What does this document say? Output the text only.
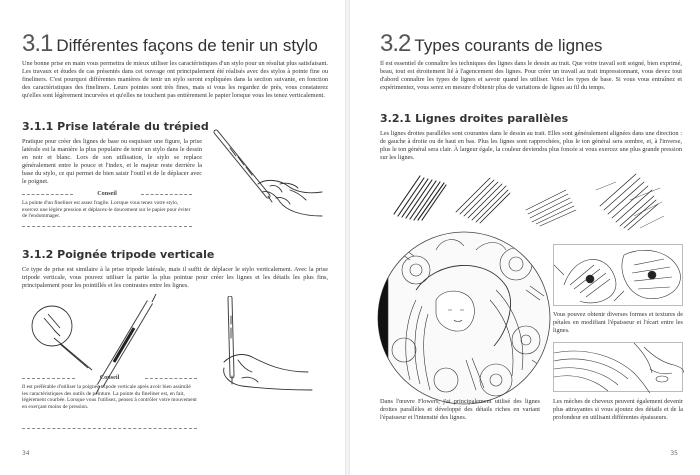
3.1 Différentes façons de tenir un stylo
Une bonne prise en main vous permettra de mieux utiliser les caractéristiques d'un stylo pour un résultat plus satisfaisant. Les travaux et études de cas présentés dans cet ouvrage ont principalement été réalisés avec des stylos à pointe fine ou fineliners. C'est pourquoi différentes manières de tenir un stylo seront expliquées dans la section suivante, en fonction des caractéristiques des fineliners. Leurs pointes sont très fines, mais si vous les regardez de près, vous constaterez qu'elles sont légèrement incurvées et qu'elles ne touchent pas entièrement le papier lorsque vous les tenez verticalement.
3.1.1 Prise latérale du trépied
Pratique pour créer des lignes de base ou esquisser une figure, la prise latérale est la manière la plus populaire de tenir un stylo dans le dessin en noir et blanc. Lors de son utilisation, le stylo se replace généralement entre le pouce et l'index, et le majeur reste derrière la base du stylo, ce qui permet de bien saisir l'outil et de le déplacer avec le poignet.
Conseil
La pointe d'un fineliner est assez fragile. Lorsque vous tenez votre stylo, exercez une légère pression et déplacez-le doucement sur le papier pour éviter de l'endommager.
3.1.2 Poignée tripode verticale
Ce type de prise est similaire à la prise tripode latérale, mais il suffit de déplacer le stylo verticalement. Avec la prise tripode verticale, vous pouvez utiliser la partie la plus pointue pour créer les lignes et les détails les plus fins, principalement pour les pointillés et les contrastes entre les lignes.
Conseil
Il est préférable d'utiliser la poignée tripode verticale après avoir bien assimilé les caractéristiques des outils de peinture. La pointe du fineliner est, en fait, légèrement courbée. Lorsque vous l'utilisez, pensez à contrôler votre mouvement en exerçant moins de pression.
34
3.2 Types courants de lignes
Il est essentiel de connaître les techniques des lignes dans le dessin au trait. Que votre travail soit soigné, bien exprimé, beau, tout est étroitement lié à l'agencement des lignes. Pour créer un travail au trait impressionnant, vous devez tout d'abord connaître les types de lignes et savoir quand les utiliser. Voici les types de base. Si vous vous entraînez et expérimentez, vous serez en mesure d'obtenir plus de variations de lignes au fil du temps.
3.2.1 Lignes droites parallèles
Les lignes droites parallèles sont courantes dans le dessin au trait. Elles sont généralement alignées dans une direction : de gauche à droite ou de haut en bas. Plus les lignes sont rapprochées, plus le ton général sera sombre, et, à l'inverse, plus le ton général sera clair. À largeur égale, la couleur deviendra plus foncée si vous exercez une plus grande pression sur les lignes.
Vous pouvez obtenir diverses formes et textures de pétales en modifiant l'épaisseur et l'écart entre les lignes.
Les mèches de cheveux peuvent également devenir plus attrayantes si vous ajoutez des détails et de la profondeur en utilisant différentes épaisseurs.
Dans l'œuvre Flowers, j'ai principalement utilisé des lignes droites parallèles et développé des détails riches en variant l'épaisseur et l'intensité des lignes.
35
